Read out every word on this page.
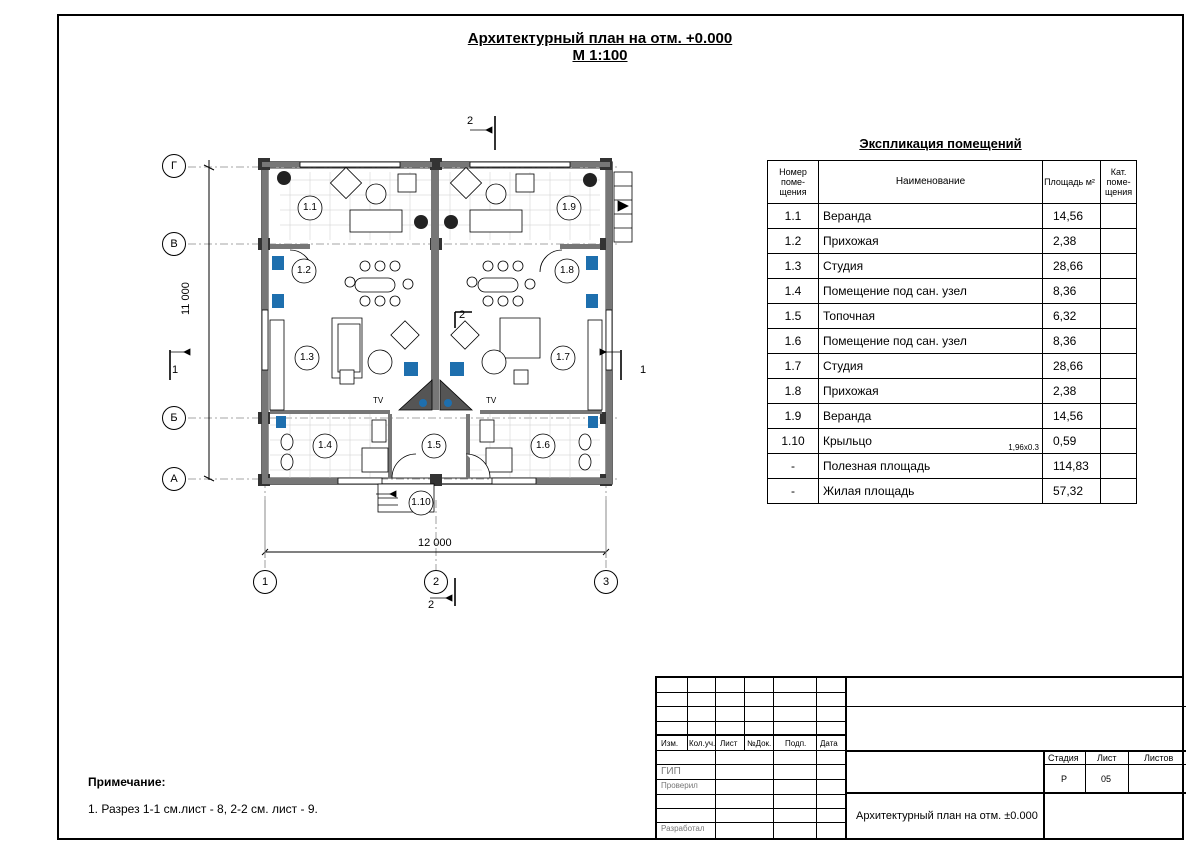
Архитектурный план на отм. +0.000
М 1:100
Г
В
Б
А
1	2	3
11 000
12 000
2
2
2
1	1
1.1
1.2
1.3
1.4	1.5	1.6
1.7
1.8
1.9
1.10
TV	TV
Экспликация помещений
Номер поме-щения	Наименование	Площадь м²	Кат. поме-щения
1.1	Веранда	14,56	
1.2	Прихожая	2,38	
1.3	Студия	28,66	
1.4	Помещение под сан. узел	8,36	
1.5	Топочная	6,32	
1.6	Помещение под сан. узел	8,36	
1.7	Студия	28,66	
1.8	Прихожая	2,38	
1.9	Веранда	14,56	
1.10	Крыльцо 1,96x0.3	0,59	
-	Полезная площадь	114,83	
-	Жилая площадь	57,32	
Примечание:
1. Разрез 1-1 см.лист - 8, 2-2 см. лист - 9.
Изм. Кол.уч. Лист №Док. Подп. Дата
ГИП
Проверил
Разработал
Стадия Лист	Листов
Р	05
Архитектурный план на отм. ±0.000
